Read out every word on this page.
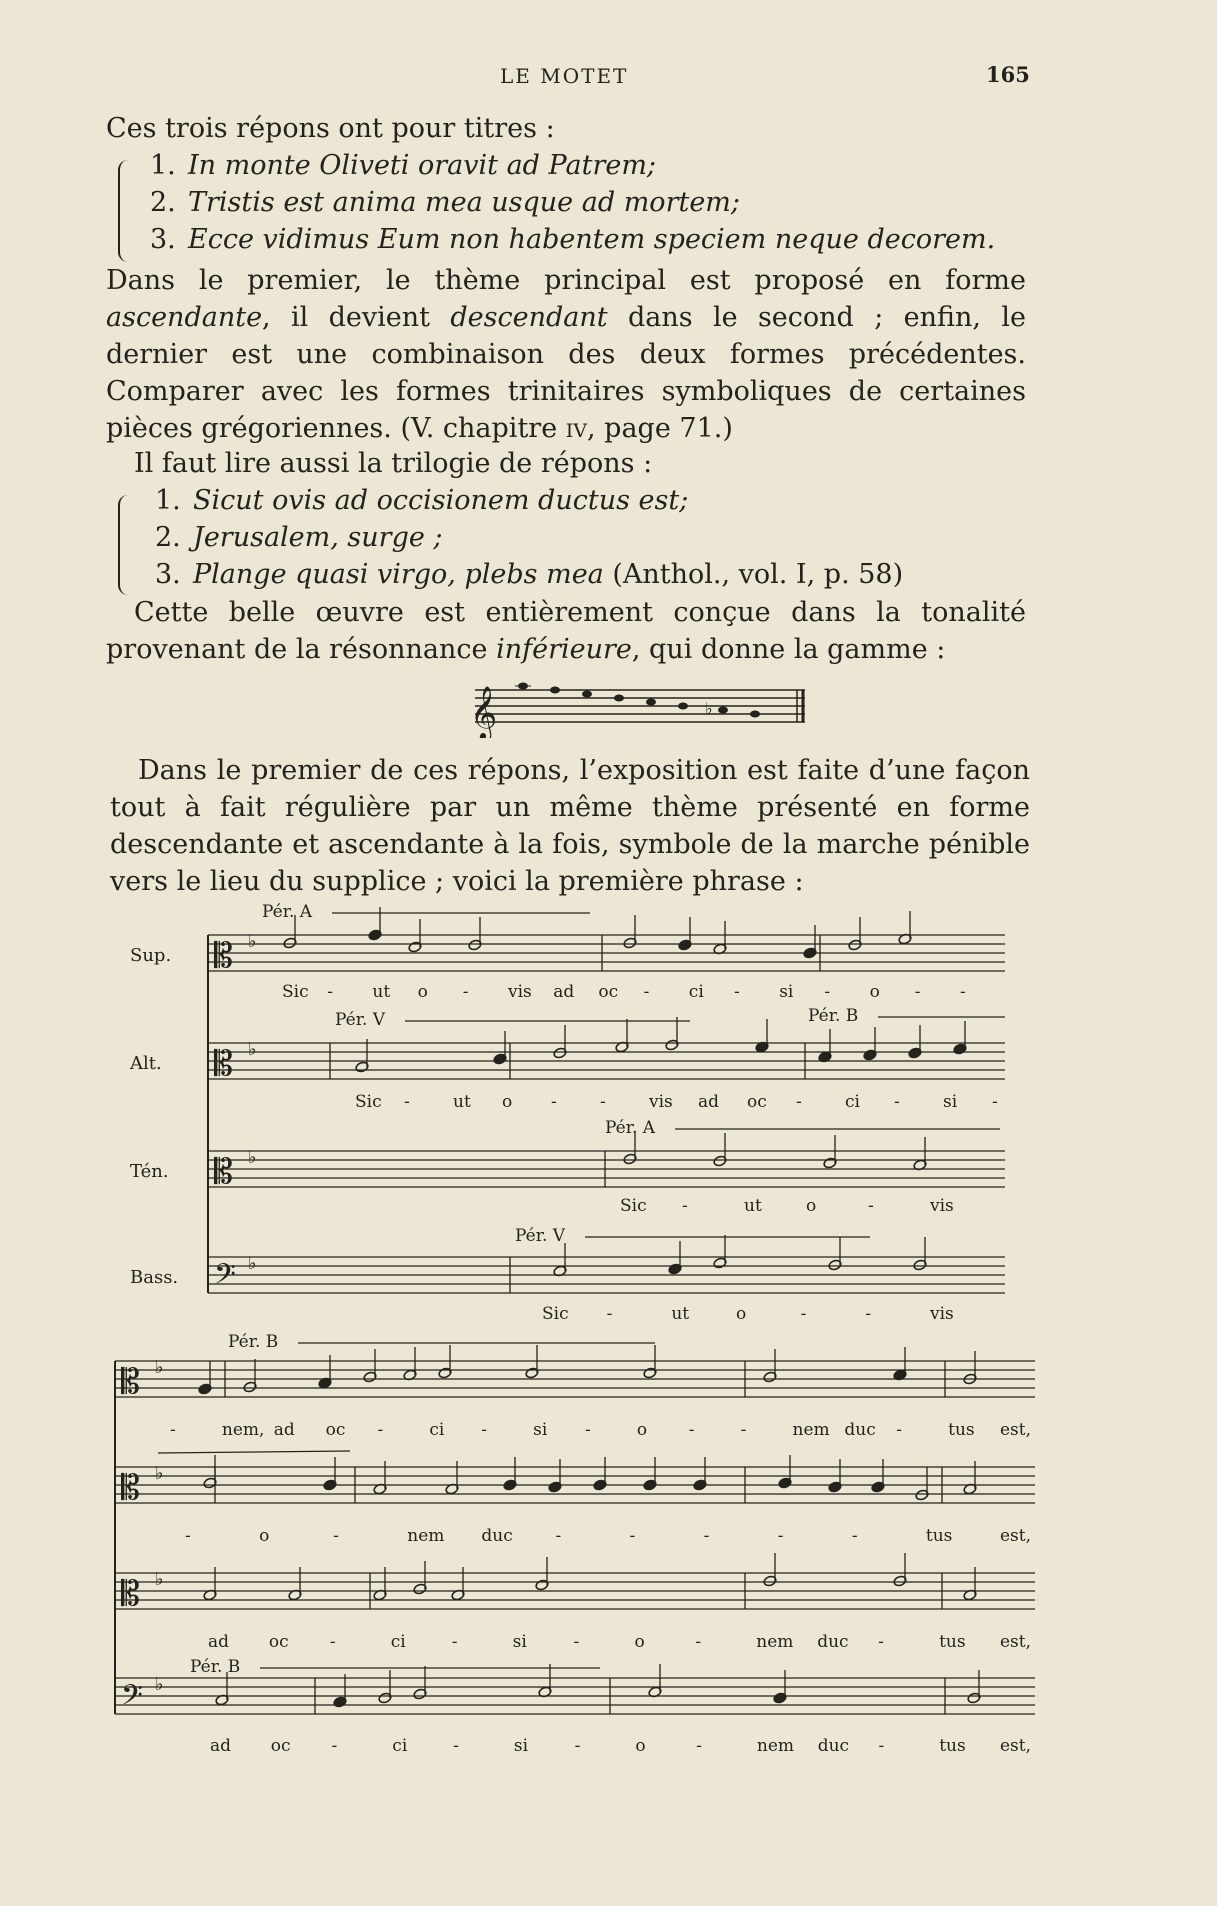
LE MOTET	165

Ces trois répons ont pour titres :

1. In monte Oliveti oravit ad Patrem;
2. Tristis est anima mea usque ad mortem;
3. Ecce vidimus Eum non habentem speciem neque decorem.

Dans le premier, le thème principal est proposé en forme ascendante, il devient descendant dans le second ; enfin, le dernier est une combinaison des deux formes précédentes. Comparer avec les formes trinitaires symboliques de certaines pièces grégoriennes. (V. chapitre iv, page 71.)

Il faut lire aussi la trilogie de répons :

1. Sicut ovis ad occisionem ductus est;
2. Jerusalem, surge ;
3. Plange quasi virgo, plebs mea (Anthol., vol. I, p. 58)

Cette belle œuvre est entièrement conçue dans la tonalité provenant de la résonnance inférieure, qui donne la gamme :

𝄞	♭

Dans le premier de ces répons, l’exposition est faite d’une façon tout à fait régulière par un même thème présenté en forme descendante et ascendante à la fois, symbole de la marche pénible vers le lieu du supplice ; voici la première phrase :

Sup. 𝄡 ♭
Alt. 𝄡 ♭
Tén. 𝄡 ♭
Bass. 𝄢 ♭
Pér. A
Sic - ut o - vis ad oc - ci - si - o - -
Pér. V	Pér. B
Sic -	ut o -	-	vis ad oc -	ci -	si -
Pér. A
Sic -	ut	o	-	vis
Pér. V
Sic -	ut	o	-	-	vis
𝄡 ♭
𝄡 ♭
𝄡 ♭
𝄢 ♭
Pér. B
-	nem, ad oc -	ci -	si -	o -	-	nem duc -	tus est,
-	o	-	nem duc	-	-	-	-	-	tus	est,
ad oc -	ci	-	si	-	o	-	nem duc -	tus est,
Pér. B
ad oc -	ci	-	si	-	o	-	nem duc -	tus est,
